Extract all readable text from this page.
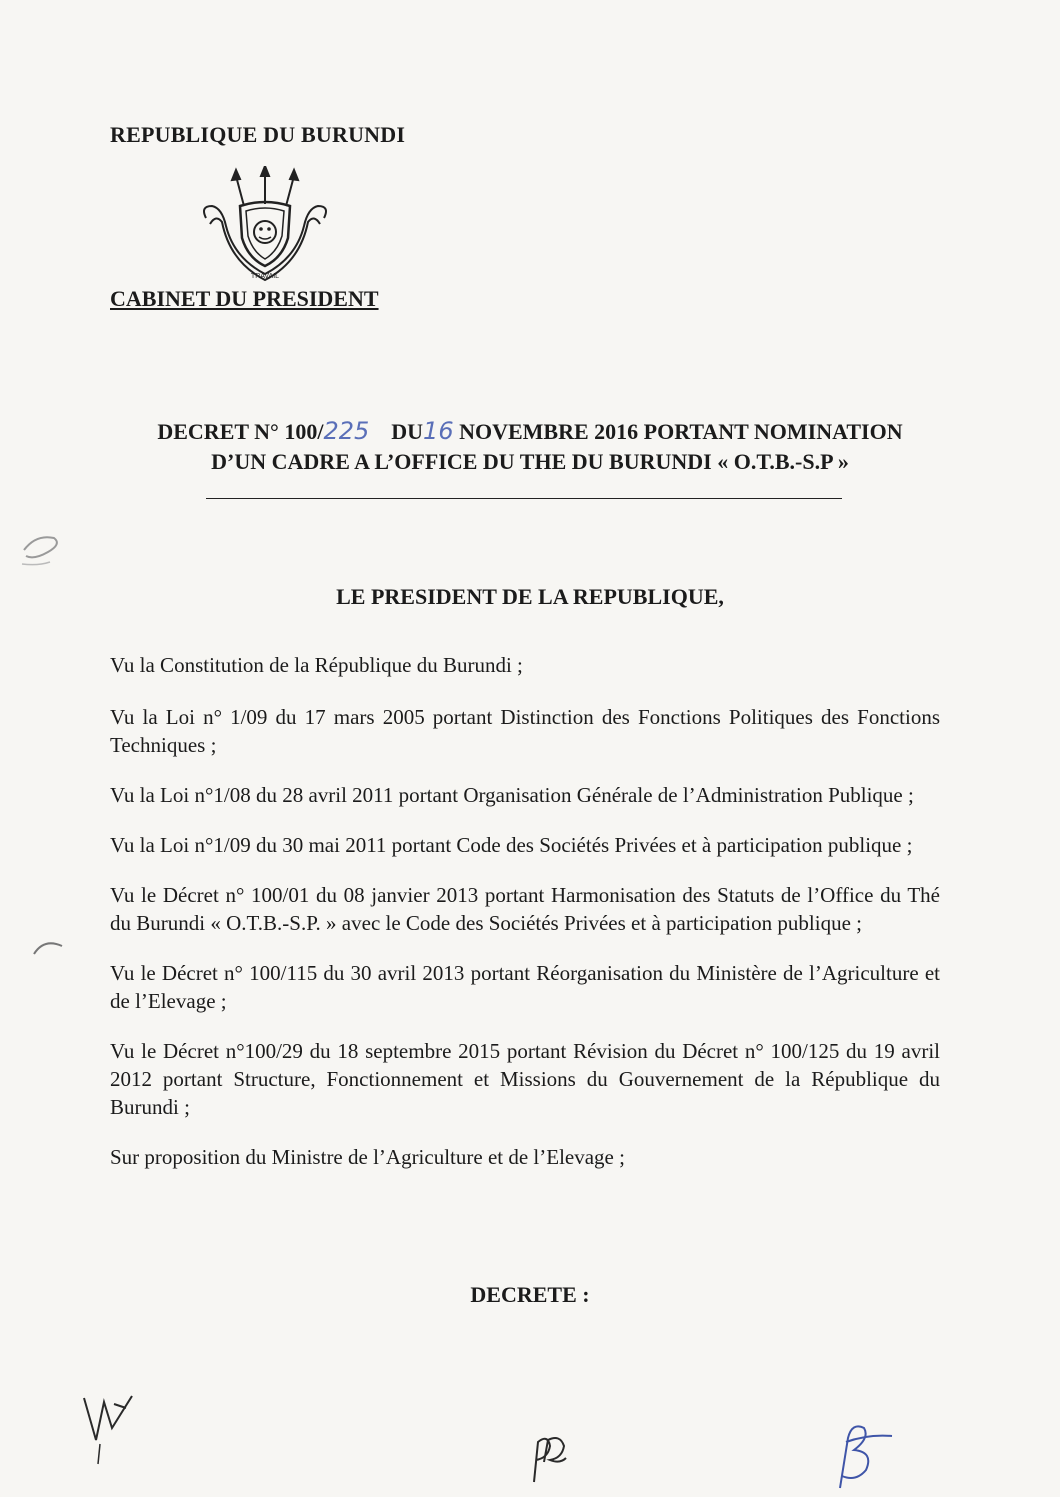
REPUBLIQUE DU BURUNDI
TRAVAIL
CABINET DU PRESIDENT
DECRET N° 100/225 DU16 NOVEMBRE 2016 PORTANT NOMINATION
D’UN CADRE A L’OFFICE DU THE DU BURUNDI « O.T.B.-S.P »
LE PRESIDENT DE LA REPUBLIQUE,

Vu la Constitution de la République du Burundi ;

Vu la Loi n° 1/09 du 17 mars 2005 portant Distinction des Fonctions Politiques des Fonctions Techniques ;

Vu la Loi n°1/08 du 28 avril 2011 portant Organisation Générale de l’Administration Publique ;

Vu la Loi n°1/09 du 30 mai 2011 portant Code des Sociétés Privées et à participation publique ;

Vu le Décret n° 100/01 du 08 janvier 2013 portant Harmonisation des Statuts de l’Office du Thé du Burundi « O.T.B.-S.P. » avec le Code des Sociétés Privées et à participation publique ;

Vu le Décret n° 100/115 du 30 avril 2013 portant Réorganisation du Ministère de l’Agriculture et de l’Elevage ;

Vu le Décret n°100/29 du 18 septembre 2015 portant Révision du Décret n° 100/125 du 19 avril 2012 portant Structure, Fonctionnement et Missions du Gouvernement de la République du Burundi ;

Sur proposition du Ministre de l’Agriculture et de l’Elevage ;

DECRETE :
